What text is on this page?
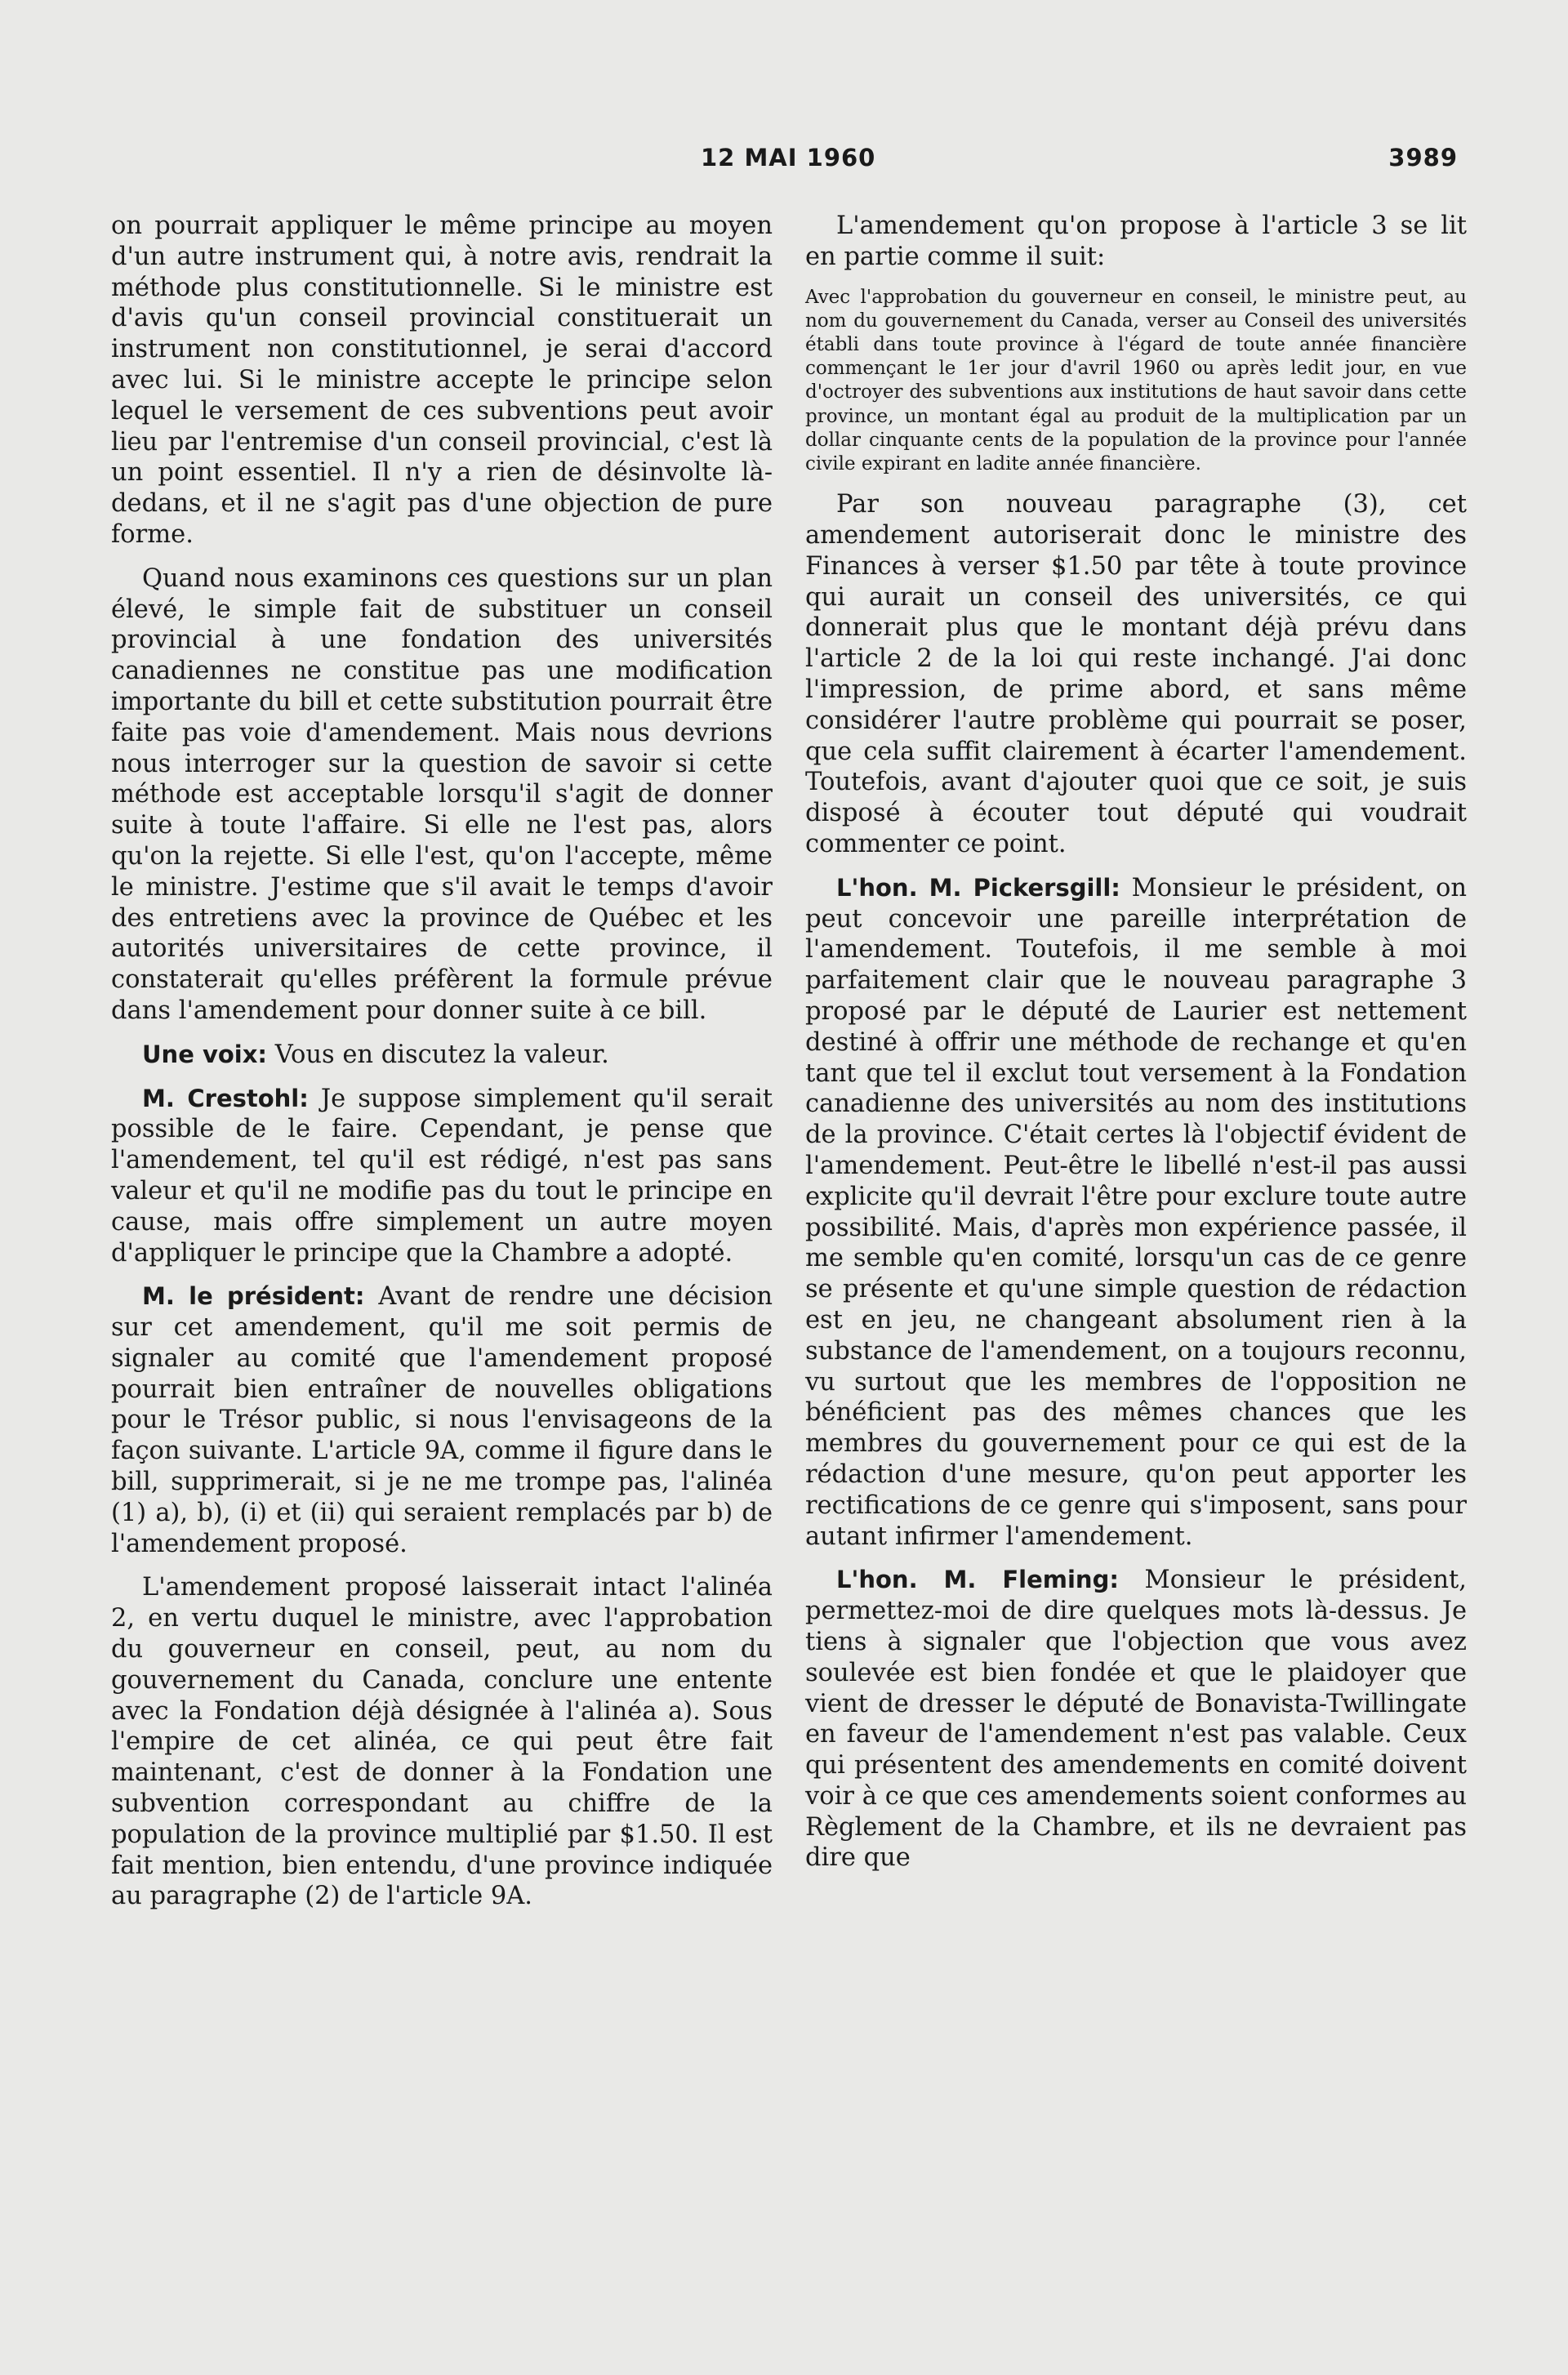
12 MAI 1960	3989

on pourrait appliquer le même principe au moyen d'un autre instrument qui, à notre avis, rendrait la méthode plus constitutionnelle. Si le ministre est d'avis qu'un conseil provincial constituerait un instrument non constitutionnel, je serai d'accord avec lui. Si le ministre accepte le principe selon lequel le versement de ces subventions peut avoir lieu par l'entremise d'un conseil provincial, c'est là un point essentiel. Il n'y a rien de désinvolte là-dedans, et il ne s'agit pas d'une objection de pure forme.

Quand nous examinons ces questions sur un plan élevé, le simple fait de substituer un conseil provincial à une fondation des universités canadiennes ne constitue pas une modification importante du bill et cette substitution pourrait être faite pas voie d'amendement. Mais nous devrions nous interroger sur la question de savoir si cette méthode est acceptable lorsqu'il s'agit de donner suite à toute l'affaire. Si elle ne l'est pas, alors qu'on la rejette. Si elle l'est, qu'on l'accepte, même le ministre. J'estime que s'il avait le temps d'avoir des entretiens avec la province de Québec et les autorités universitaires de cette province, il constaterait qu'elles préfèrent la formule prévue dans l'amendement pour donner suite à ce bill.

Une voix: Vous en discutez la valeur.

M. Crestohl: Je suppose simplement qu'il serait possible de le faire. Cependant, je pense que l'amendement, tel qu'il est rédigé, n'est pas sans valeur et qu'il ne modifie pas du tout le principe en cause, mais offre simplement un autre moyen d'appliquer le principe que la Chambre a adopté.

M. le président: Avant de rendre une décision sur cet amendement, qu'il me soit permis de signaler au comité que l'amendement proposé pourrait bien entraîner de nouvelles obligations pour le Trésor public, si nous l'envisageons de la façon suivante. L'article 9A, comme il figure dans le bill, supprimerait, si je ne me trompe pas, l'alinéa (1) a), b), (i) et (ii) qui seraient remplacés par b) de l'amendement proposé.

L'amendement proposé laisserait intact l'alinéa 2, en vertu duquel le ministre, avec l'approbation du gouverneur en conseil, peut, au nom du gouvernement du Canada, conclure une entente avec la Fondation déjà désignée à l'alinéa a). Sous l'empire de cet alinéa, ce qui peut être fait maintenant, c'est de donner à la Fondation une subvention correspondant au chiffre de la population de la province multiplié par $1.50. Il est fait mention, bien entendu, d'une province indiquée au paragraphe (2) de l'article 9A.

L'amendement qu'on propose à l'article 3 se lit en partie comme il suit:

Avec l'approbation du gouverneur en conseil, le ministre peut, au nom du gouvernement du Canada, verser au Conseil des universités établi dans toute province à l'égard de toute année financière commençant le 1er jour d'avril 1960 ou après ledit jour, en vue d'octroyer des subventions aux institutions de haut savoir dans cette province, un montant égal au produit de la multiplication par un dollar cinquante cents de la population de la province pour l'année civile expirant en ladite année financière.

Par son nouveau paragraphe (3), cet amendement autoriserait donc le ministre des Finances à verser $1.50 par tête à toute province qui aurait un conseil des universités, ce qui donnerait plus que le montant déjà prévu dans l'article 2 de la loi qui reste inchangé. J'ai donc l'impression, de prime abord, et sans même considérer l'autre problème qui pourrait se poser, que cela suffit clairement à écarter l'amendement. Toutefois, avant d'ajouter quoi que ce soit, je suis disposé à écouter tout député qui voudrait commenter ce point.

L'hon. M. Pickersgill: Monsieur le président, on peut concevoir une pareille interprétation de l'amendement. Toutefois, il me semble à moi parfaitement clair que le nouveau paragraphe 3 proposé par le député de Laurier est nettement destiné à offrir une méthode de rechange et qu'en tant que tel il exclut tout versement à la Fondation canadienne des universités au nom des institutions de la province. C'était certes là l'objectif évident de l'amendement. Peut-être le libellé n'est-il pas aussi explicite qu'il devrait l'être pour exclure toute autre possibilité. Mais, d'après mon expérience passée, il me semble qu'en comité, lorsqu'un cas de ce genre se présente et qu'une simple question de rédaction est en jeu, ne changeant absolument rien à la substance de l'amendement, on a toujours reconnu, vu surtout que les membres de l'opposition ne bénéficient pas des mêmes chances que les membres du gouvernement pour ce qui est de la rédaction d'une mesure, qu'on peut apporter les rectifications de ce genre qui s'imposent, sans pour autant infirmer l'amendement.

L'hon. M. Fleming: Monsieur le président, permettez-moi de dire quelques mots là-dessus. Je tiens à signaler que l'objection que vous avez soulevée est bien fondée et que le plaidoyer que vient de dresser le député de Bonavista-Twillingate en faveur de l'amendement n'est pas valable. Ceux qui présentent des amendements en comité doivent voir à ce que ces amendements soient conformes au Règlement de la Chambre, et ils ne devraient pas dire que
